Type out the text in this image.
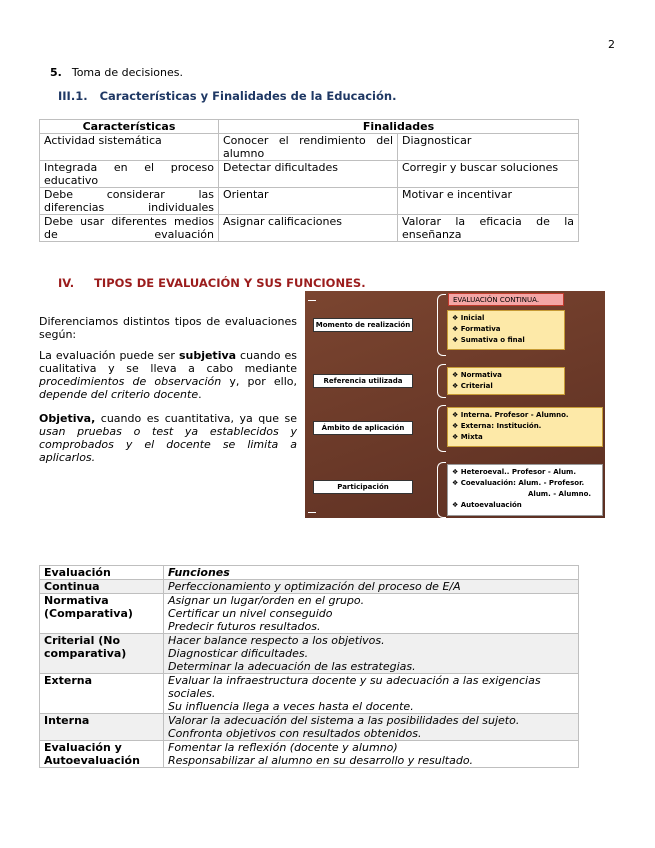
2
5. Toma de decisiones.
III.1. Características y Finalidades de la Educación.
Características	Finalidades	
Actividad sistemática	Conocer el rendimiento del alumno	Diagnosticar
Integrada en el proceso educativo	Detectar dificultades	Corregir y buscar soluciones
Debe considerar las diferencias individuales	Orientar	Motivar e incentivar
Debe usar diferentes medios de evaluación	Asignar calificaciones	Valorar la eficacia de la enseñanza
IV. TIPOS DE EVALUACIÓN Y SUS FUNCIONES.
Diferenciamos distintos tipos de evaluaciones según:
La evaluación puede ser subjetiva cuando es cualitativa y se lleva a cabo mediante procedimientos de observación y, por ello, depende del criterio docente.
Objetiva, cuando es cuantitativa, ya que se usan pruebas o test ya establecidos y comprobados y el docente se limita a aplicarlos.
Momento de realización
Referencia utilizada
Ámbito de aplicación
Participación
EVALUACIÓN CONTINUA.
❖ Inicial
❖ Formativa
❖ Sumativa o final
❖ Normativa
❖ Criterial
❖ Interna. Profesor - Alumno.
❖ Externa: Institución.
❖ Mixta
❖ Heteroeval.. Profesor - Alum.
❖ Coevaluación: Alum. - Profesor.
Alum. - Alumno.
❖ Autoevaluación
Evaluación	Funciones
Continua	Perfeccionamiento y optimización del proceso de E/A

Normativa (Comparativa)	Asignar un lugar/orden en el grupo.
Certificar un nivel conseguido
Predecir futuros resultados.

Criterial (No comparativa)	Hacer balance respecto a los objetivos.
Diagnosticar dificultades.
Determinar la adecuación de las estrategias.

Externa	Evaluar la infraestructura docente y su adecuación a las exigencias sociales.
Su influencia llega a veces hasta el docente.

Interna	Valorar la adecuación del sistema a las posibilidades del sujeto.
Confronta objetivos con resultados obtenidos.

Evaluación y Autoevaluación	Fomentar la reflexión (docente y alumno)
Responsabilizar al alumno en su desarrollo y resultado.
